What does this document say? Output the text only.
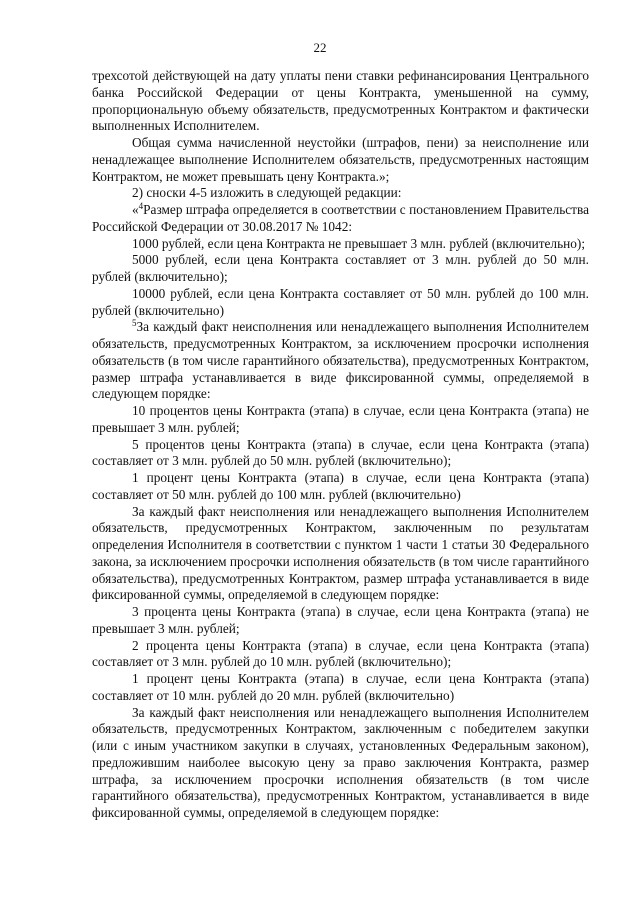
22

трехсотой действующей на дату уплаты пени ставки рефинансирования Центрального банка Российской Федерации от цены Контракта, уменьшенной на сумму, пропорциональную объему обязательств, предусмотренных Контрактом и фактически выполненных Исполнителем.

Общая сумма начисленной неустойки (штрафов, пени) за неисполнение или ненадлежащее выполнение Исполнителем обязательств, предусмотренных настоящим Контрактом, не может превышать цену Контракта.»;

2) сноски 4-5 изложить в следующей редакции:

«$^4$Размер штрафа определяется в соответствии с постановлением Правительства Российской Федерации от 30.08.2017 № 1042:

1000 рублей, если цена Контракта не превышает 3 млн. рублей (включительно);

5000 рублей, если цена Контракта составляет от 3 млн. рублей до 50 млн. рублей (включительно);

10000 рублей, если цена Контракта составляет от 50 млн. рублей до 100 млн. рублей (включительно)

$^5$За каждый факт неисполнения или ненадлежащего выполнения Исполнителем обязательств, предусмотренных Контрактом, за исключением просрочки исполнения обязательств (в том числе гарантийного обязательства), предусмотренных Контрактом, размер штрафа устанавливается в виде фиксированной суммы, определяемой в следующем порядке:

10 процентов цены Контракта (этапа) в случае, если цена Контракта (этапа) не превышает 3 млн. рублей;

5 процентов цены Контракта (этапа) в случае, если цена Контракта (этапа) составляет от 3 млн. рублей до 50 млн. рублей (включительно);

1 процент цены Контракта (этапа) в случае, если цена Контракта (этапа) составляет от 50 млн. рублей до 100 млн. рублей (включительно)

За каждый факт неисполнения или ненадлежащего выполнения Исполнителем обязательств, предусмотренных Контрактом, заключенным по результатам определения Исполнителя в соответствии с пунктом 1 части 1 статьи 30 Федерального закона, за исключением просрочки исполнения обязательств (в том числе гарантийного обязательства), предусмотренных Контрактом, размер штрафа устанавливается в виде фиксированной суммы, определяемой в следующем порядке:

3 процента цены Контракта (этапа) в случае, если цена Контракта (этапа) не превышает 3 млн. рублей;

2 процента цены Контракта (этапа) в случае, если цена Контракта (этапа) составляет от 3 млн. рублей до 10 млн. рублей (включительно);

1 процент цены Контракта (этапа) в случае, если цена Контракта (этапа) составляет от 10 млн. рублей до 20 млн. рублей (включительно)

За каждый факт неисполнения или ненадлежащего выполнения Исполнителем обязательств, предусмотренных Контрактом, заключенным с победителем закупки (или с иным участником закупки в случаях, установленных Федеральным законом), предложившим наиболее высокую цену за право заключения Контракта, размер штрафа, за исключением просрочки исполнения обязательств (в том числе гарантийного обязательства), предусмотренных Контрактом, устанавливается в виде фиксированной суммы, определяемой в следующем порядке:
